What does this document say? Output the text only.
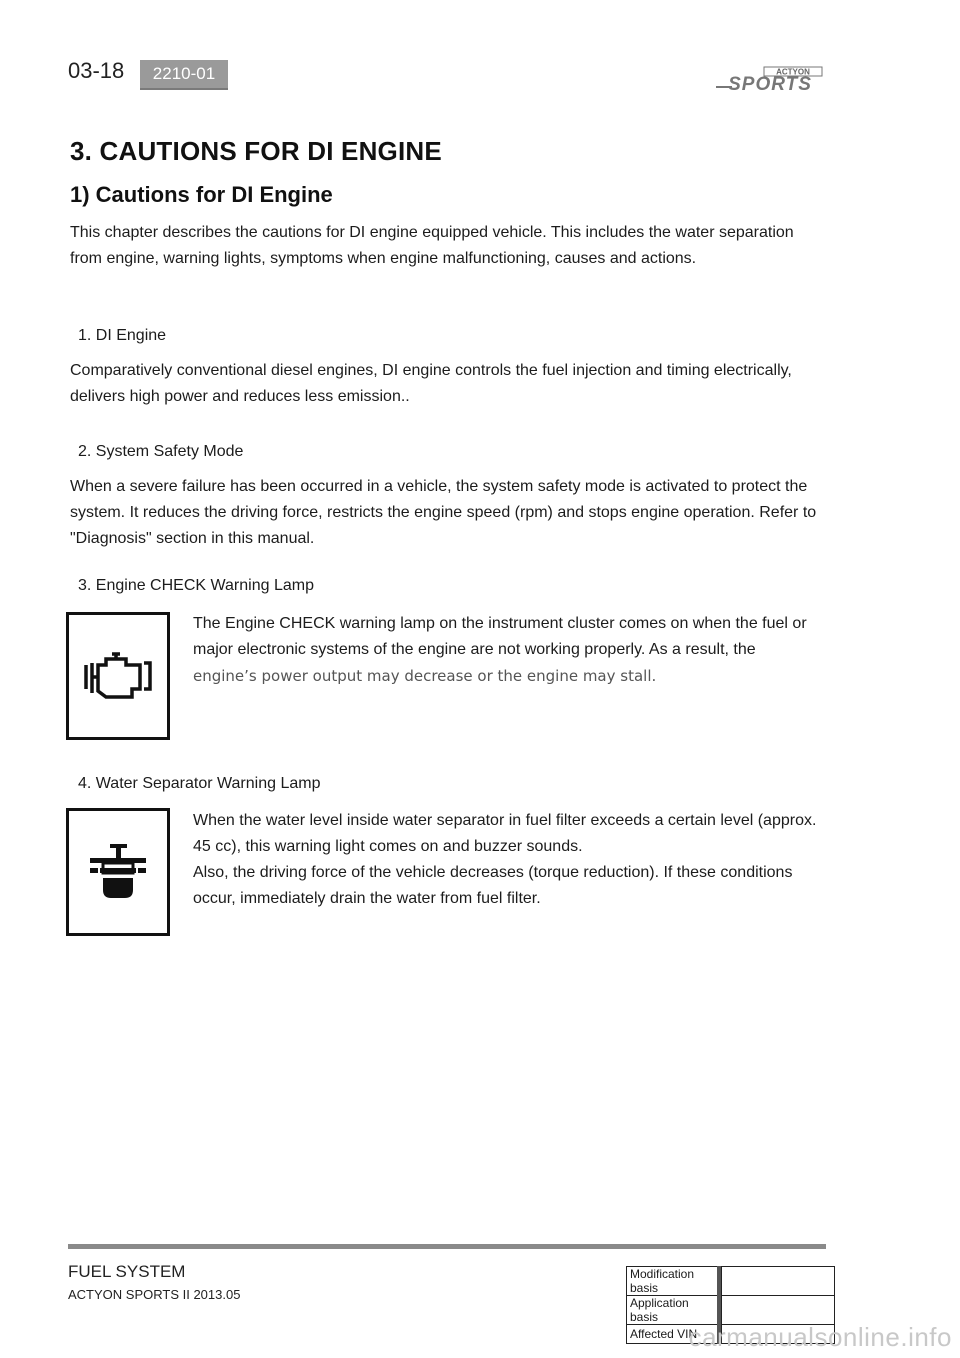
03-18	2210-01	ACTYON
SPORTS
3. CAUTIONS FOR DI ENGINE
1) Cautions for DI Engine
This chapter describes the cautions for DI engine equipped vehicle. This includes the water separation from engine, warning lights, symptoms when engine malfunctioning, causes and actions.
1. DI Engine
Comparatively conventional diesel engines, DI engine controls the fuel injection and timing electrically, delivers high power and reduces less emission..
2. System Safety Mode
When a severe failure has been occurred in a vehicle, the system safety mode is activated to protect the system. It reduces the driving force, restricts the engine speed (rpm) and stops engine operation. Refer to "Diagnosis" section in this manual.
3. Engine CHECK Warning Lamp
The Engine CHECK warning lamp on the instrument cluster comes on when the fuel or major electronic systems of the engine are not working properly. As a result, the
engine’s power output may decrease or the engine may stall.
4. Water Separator Warning Lamp
When the water level inside water separator in fuel filter exceeds a certain level (approx. 45 cc), this warning light comes on and buzzer sounds.
Also, the driving force of the vehicle decreases (torque reduction). If these conditions occur, immediately drain the water from fuel filter.
FUEL SYSTEM
ACTYON SPORTS II 2013.05
Modification basis		
Application basis		
Affected VIN		
carmanualsonline.info
